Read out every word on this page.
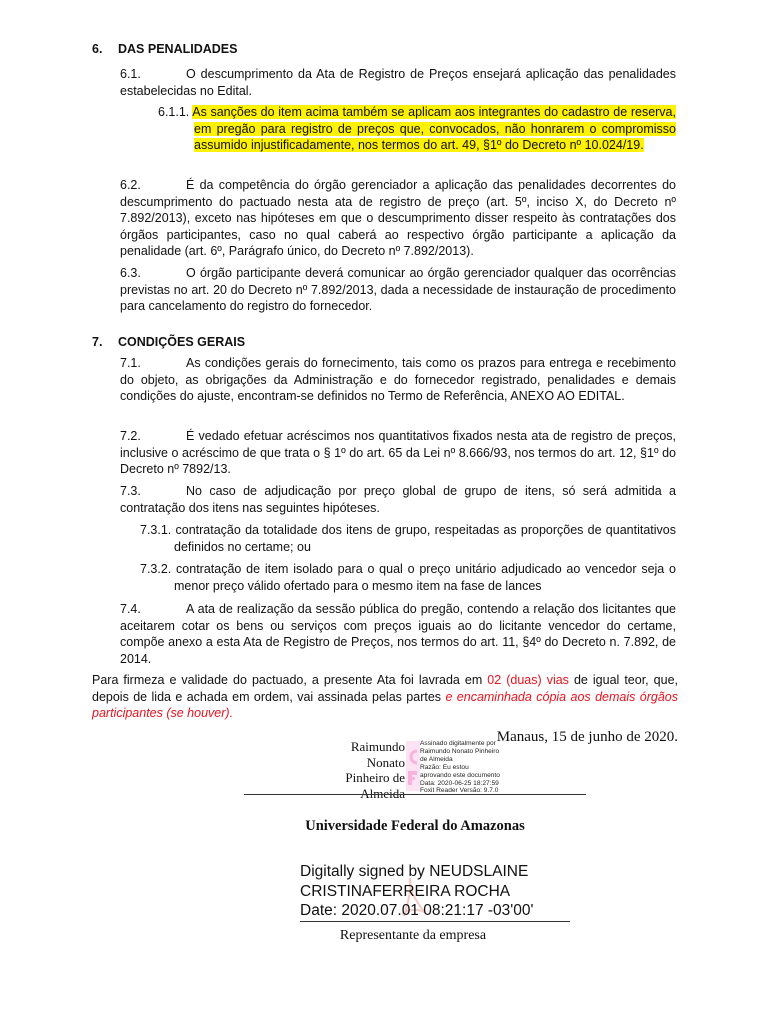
6. DAS PENALIDADES
6.1.	O descumprimento da Ata de Registro de Preços ensejará aplicação das penalidades estabelecidas no Edital.
6.1.1. As sanções do item acima também se aplicam aos integrantes do cadastro de reserva, em pregão para registro de preços que, convocados, não honrarem o compromisso assumido injustificadamente, nos termos do art. 49, §1º do Decreto nº 10.024/19.
6.2.	É da competência do órgão gerenciador a aplicação das penalidades decorrentes do descumprimento do pactuado nesta ata de registro de preço (art. 5º, inciso X, do Decreto nº 7.892/2013), exceto nas hipóteses em que o descumprimento disser respeito às contratações dos órgãos participantes, caso no qual caberá ao respectivo órgão participante a aplicação da penalidade (art. 6º, Parágrafo único, do Decreto nº 7.892/2013).
6.3.	O órgão participante deverá comunicar ao órgão gerenciador qualquer das ocorrências previstas no art. 20 do Decreto nº 7.892/2013, dada a necessidade de instauração de procedimento para cancelamento do registro do fornecedor.
7. CONDIÇÕES GERAIS
7.1.	As condições gerais do fornecimento, tais como os prazos para entrega e recebimento do objeto, as obrigações da Administração e do fornecedor registrado, penalidades e demais condições do ajuste, encontram-se definidos no Termo de Referência, ANEXO AO EDITAL.
7.2.	É vedado efetuar acréscimos nos quantitativos fixados nesta ata de registro de preços, inclusive o acréscimo de que trata o § 1º do art. 65 da Lei nº 8.666/93, nos termos do art. 12, §1º do Decreto nº 7892/13.
7.3.	No caso de adjudicação por preço global de grupo de itens, só será admitida a contratação dos itens nas seguintes hipóteses.
7.3.1. contratação da totalidade dos itens de grupo, respeitadas as proporções de quantitativos definidos no certame; ou
7.3.2. contratação de item isolado para o qual o preço unitário adjudicado ao vencedor seja o menor preço válido ofertado para o mesmo item na fase de lances
7.4.	A ata de realização da sessão pública do pregão, contendo a relação dos licitantes que aceitarem cotar os bens ou serviços com preços iguais ao do licitante vencedor do certame, compõe anexo a esta Ata de Registro de Preços, nos termos do art. 11, §4º do Decreto n. 7.892, de 2014.
Para firmeza e validade do pactuado, a presente Ata foi lavrada em 02 (duas) vias de igual teor, que, depois de lida e achada em ordem, vai assinada pelas partes e encaminhada cópia aos demais órgãos participantes (se houver).
Manaus, 15 de junho de 2020.
Raimundo
Nonato
Pinheiro de
Almeida
Assinado digitalmente por
Raimundo Nonato Pinheiro
de Almeida
Razão: Eu estou
aprovando este documento
Data: 2020-06-25 18:27:59
Foxit Reader Versão: 9.7.0
Universidade Federal do Amazonas
Digitally signed by NEUDSLAINE
CRISTINAFERREIRA ROCHA
Date: 2020.07.01 08:21:17 -03'00'
Representante da empresa
